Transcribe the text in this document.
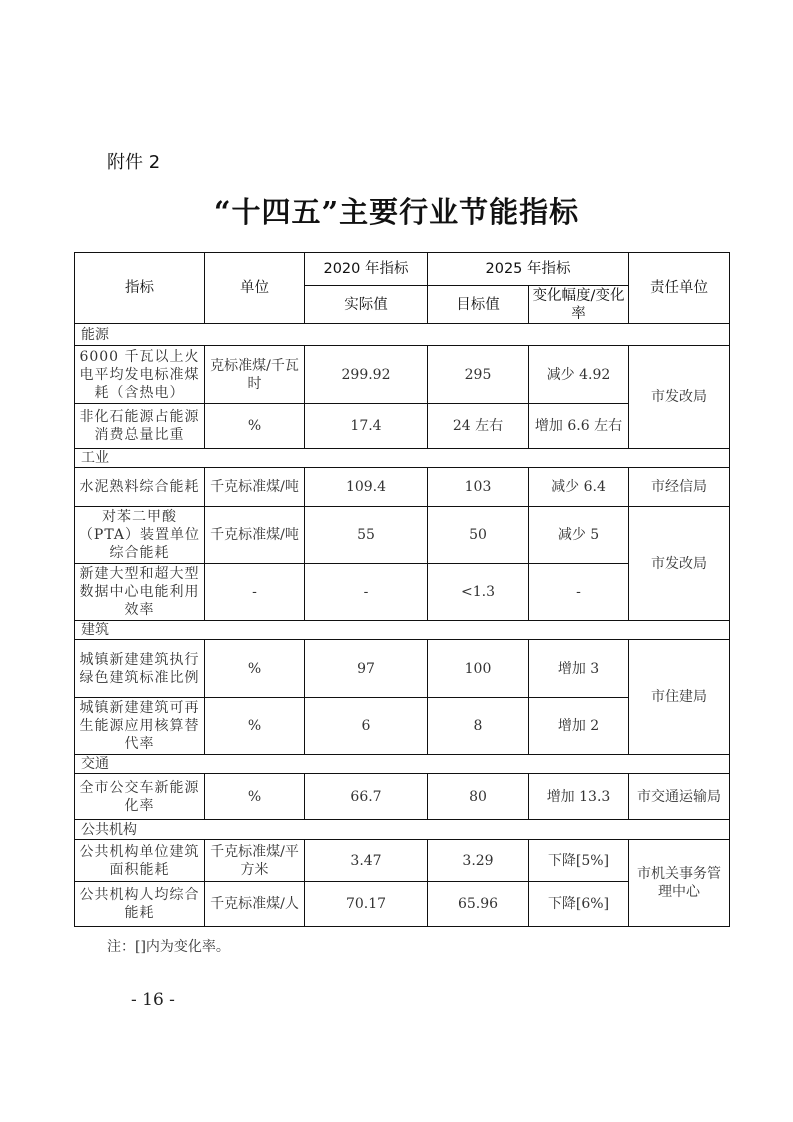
附件 2
“十四五”主要行业节能指标
指标	单位	2020 年指标	2025 年指标		责任单位
		实际值	目标值	变化幅度/变化率	
能源					
6000 千瓦以上火电平均发电标准煤耗（含热电）	克标准煤/千瓦时	299.92	295	减少 4.92	市发改局
非化石能源占能源消费总量比重	%	17.4	24 左右	增加 6.6 左右	
工业					
水泥熟料综合能耗	千克标准煤/吨	109.4	103	减少 6.4	市经信局
对苯二甲酸（PTA）装置单位综合能耗	千克标准煤/吨	55	50	减少 5	市发改局
新建大型和超大型数据中心电能利用效率	-	-	<1.3	-	
建筑					
城镇新建建筑执行绿色建筑标准比例	%	97	100	增加 3	市住建局
城镇新建建筑可再生能源应用核算替代率	%	6	8	增加 2	
交通					
全市公交车新能源化率	%	66.7	80	增加 13.3	市交通运输局
公共机构					
公共机构单位建筑面积能耗	千克标准煤/平方米	3.47	3.29	下降[5%]	市机关事务管理中心
公共机构人均综合能耗	千克标准煤/人	70.17	65.96	下降[6%]	
注：[]内为变化率。
- 16 -
